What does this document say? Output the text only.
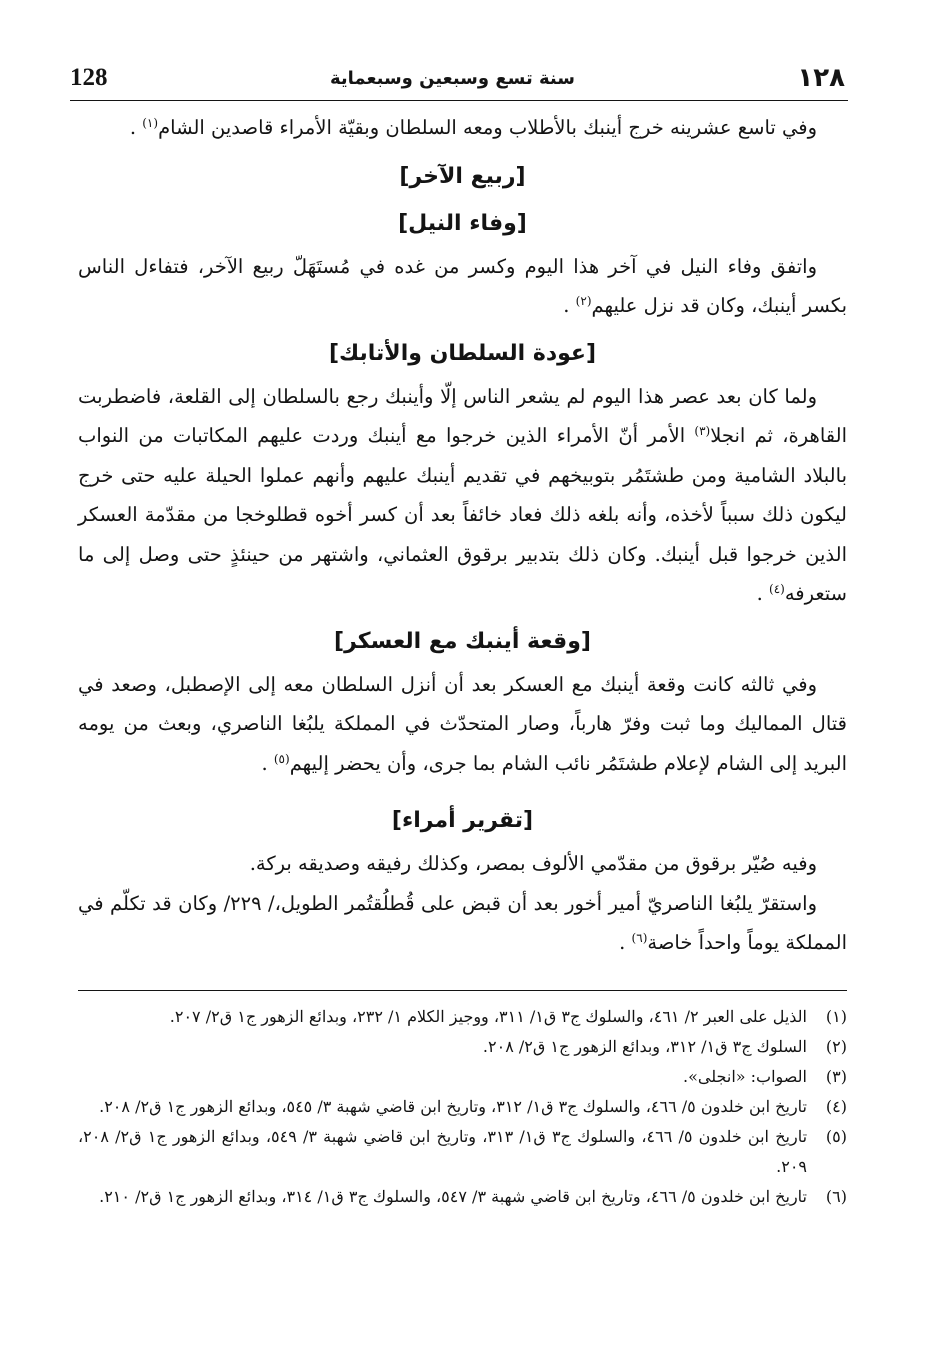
١٢٨
سنة تسع وسبعين وسبعماية
128

وفي تاسع عشرينه خرج أينبك بالأطلاب ومعه السلطان وبقيّة الأمراء قاصدين الشام$^{(١)}$ .

[ربيع الآخر]
[وفاء النيل]

واتفق وفاء النيل في آخر هذا اليوم وكسر من غده في مُستَهَلّ ربيع الآخر، فتفاءل الناس بكسر أينبك، وكان قد نزل عليهم$^{(٢)}$ .

[عودة السلطان والأتابك]

ولما كان بعد عصر هذا اليوم لم يشعر الناس إلّا وأينبك رجع بالسلطان إلى القلعة، فاضطربت القاهرة، ثم انجلا$^{(٣)}$ الأمر أنّ الأمراء الذين خرجوا مع أينبك وردت عليهم المكاتبات من النواب بالبلاد الشامية ومن طشتَمُر بتوبيخهم في تقديم أينبك عليهم وأنهم عملوا الحيلة عليه حتى خرج ليكون ذلك سبباً لأخذه، وأنه بلغه ذلك فعاد خائفاً بعد أن كسر أخوه قطلوخجا من مقدّمة العسكر الذين خرجوا قبل أينبك. وكان ذلك بتدبير برقوق العثماني، واشتهر من حينئذٍ حتى وصل إلى ما ستعرفه$^{(٤)}$ .

[وقعة أينبك مع العسكر]

وفي ثالثه كانت وقعة أينبك مع العسكر بعد أن أنزل السلطان معه إلى الإصطبل، وصعد في قتال المماليك وما ثبت وفرّ هارباً، وصار المتحدّث في المملكة يلبُغا الناصري، وبعث من يومه البريد إلى الشام لإعلام طشتَمُر نائب الشام بما جرى، وأن يحضر إليهم$^{(٥)}$ .

[تقرير أمراء]

وفيه صُيّر برقوق من مقدّمي الألوف بمصر، وكذلك رفيقه وصديقه بركة.

واستقرّ يلبُغا الناصريّ أمير أخور بعد أن قبض على قُطلُقتُمر الطويل،/ ٢٢٩/ وكان قد تكلّم في المملكة يوماً واحداً خاصة$^{(٦)}$ .

(١)
الذيل على العبر ٢/ ٤٦١، والسلوك ج٣ ق١/ ٣١١، ووجيز الكلام ١/ ٢٣٢، وبدائع الزهور ج١ ق٢/ ٢٠٧.
(٢)
السلوك ج٣ ق١/ ٣١٢، وبدائع الزهور ج١ ق٢/ ٢٠٨.
(٣)
الصواب: «انجلى».
(٤)
تاريخ ابن خلدون ٥/ ٤٦٦، والسلوك ج٣ ق١/ ٣١٢، وتاريخ ابن قاضي شهبة ٣/ ٥٤٥، وبدائع الزهور ج١ ق٢/ ٢٠٨.
(٥)
تاريخ ابن خلدون ٥/ ٤٦٦، والسلوك ج٣ ق١/ ٣١٣، وتاريخ ابن قاضي شهبة ٣/ ٥٤٩، وبدائع الزهور ج١ ق٢/ ٢٠٨، ٢٠٩.
(٦)
تاريخ ابن خلدون ٥/ ٤٦٦، وتاريخ ابن قاضي شهبة ٣/ ٥٤٧، والسلوك ج٣ ق١/ ٣١٤، وبدائع الزهور ج١ ق٢/ ٢١٠.
